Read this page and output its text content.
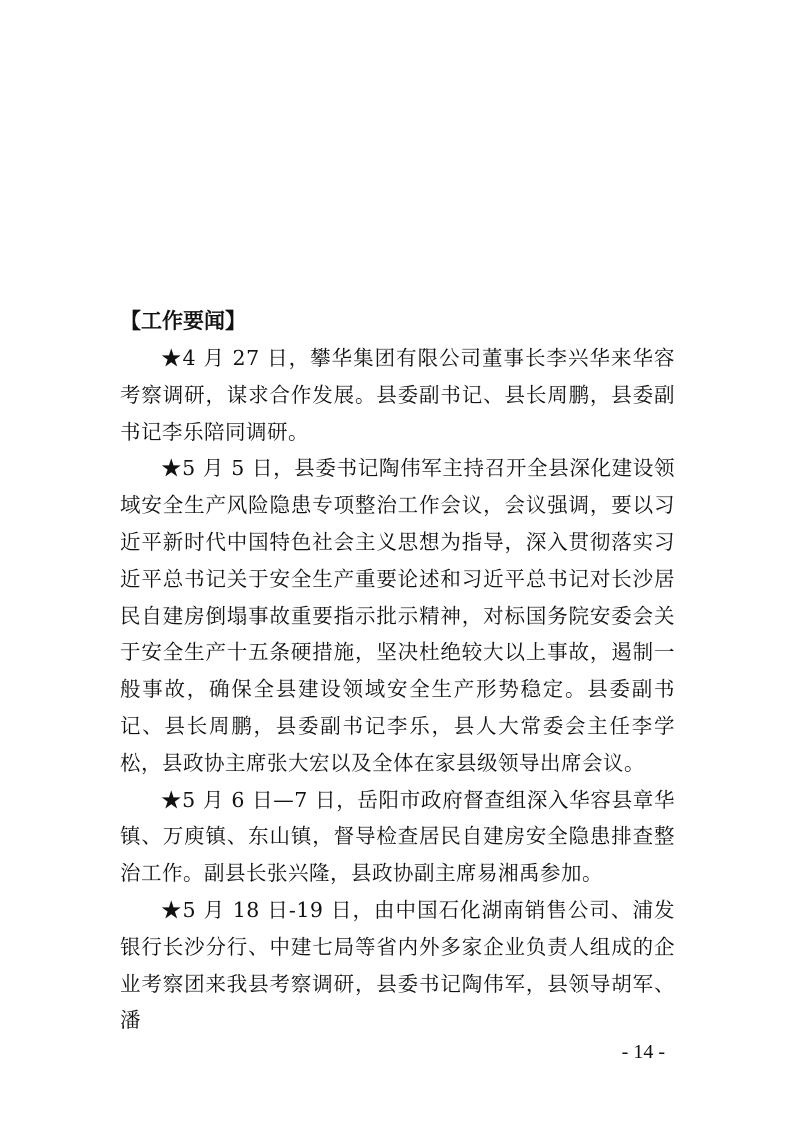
【工作要闻】

★4 月 27 日，攀华集团有限公司董事长李兴华来华容考察调研，谋求合作发展。县委副书记、县长周鹏，县委副书记李乐陪同调研。

★5 月 5 日，县委书记陶伟军主持召开全县深化建设领域安全生产风险隐患专项整治工作会议，会议强调，要以习近平新时代中国特色社会主义思想为指导，深入贯彻落实习近平总书记关于安全生产重要论述和习近平总书记对长沙居民自建房倒塌事故重要指示批示精神，对标国务院安委会关于安全生产十五条硬措施，坚决杜绝较大以上事故，遏制一般事故，确保全县建设领域安全生产形势稳定。县委副书记、县长周鹏，县委副书记李乐，县人大常委会主任李学松，县政协主席张大宏以及全体在家县级领导出席会议。

★5 月 6 日—7 日，岳阳市政府督查组深入华容县章华镇、万庾镇、东山镇，督导检查居民自建房安全隐患排查整治工作。副县长张兴隆，县政协副主席易湘禹参加。

★5 月 18 日-19 日，由中国石化湖南销售公司、浦发银行长沙分行、中建七局等省内外多家企业负责人组成的企业考察团来我县考察调研，县委书记陶伟军，县领导胡军、潘

- 14 -
